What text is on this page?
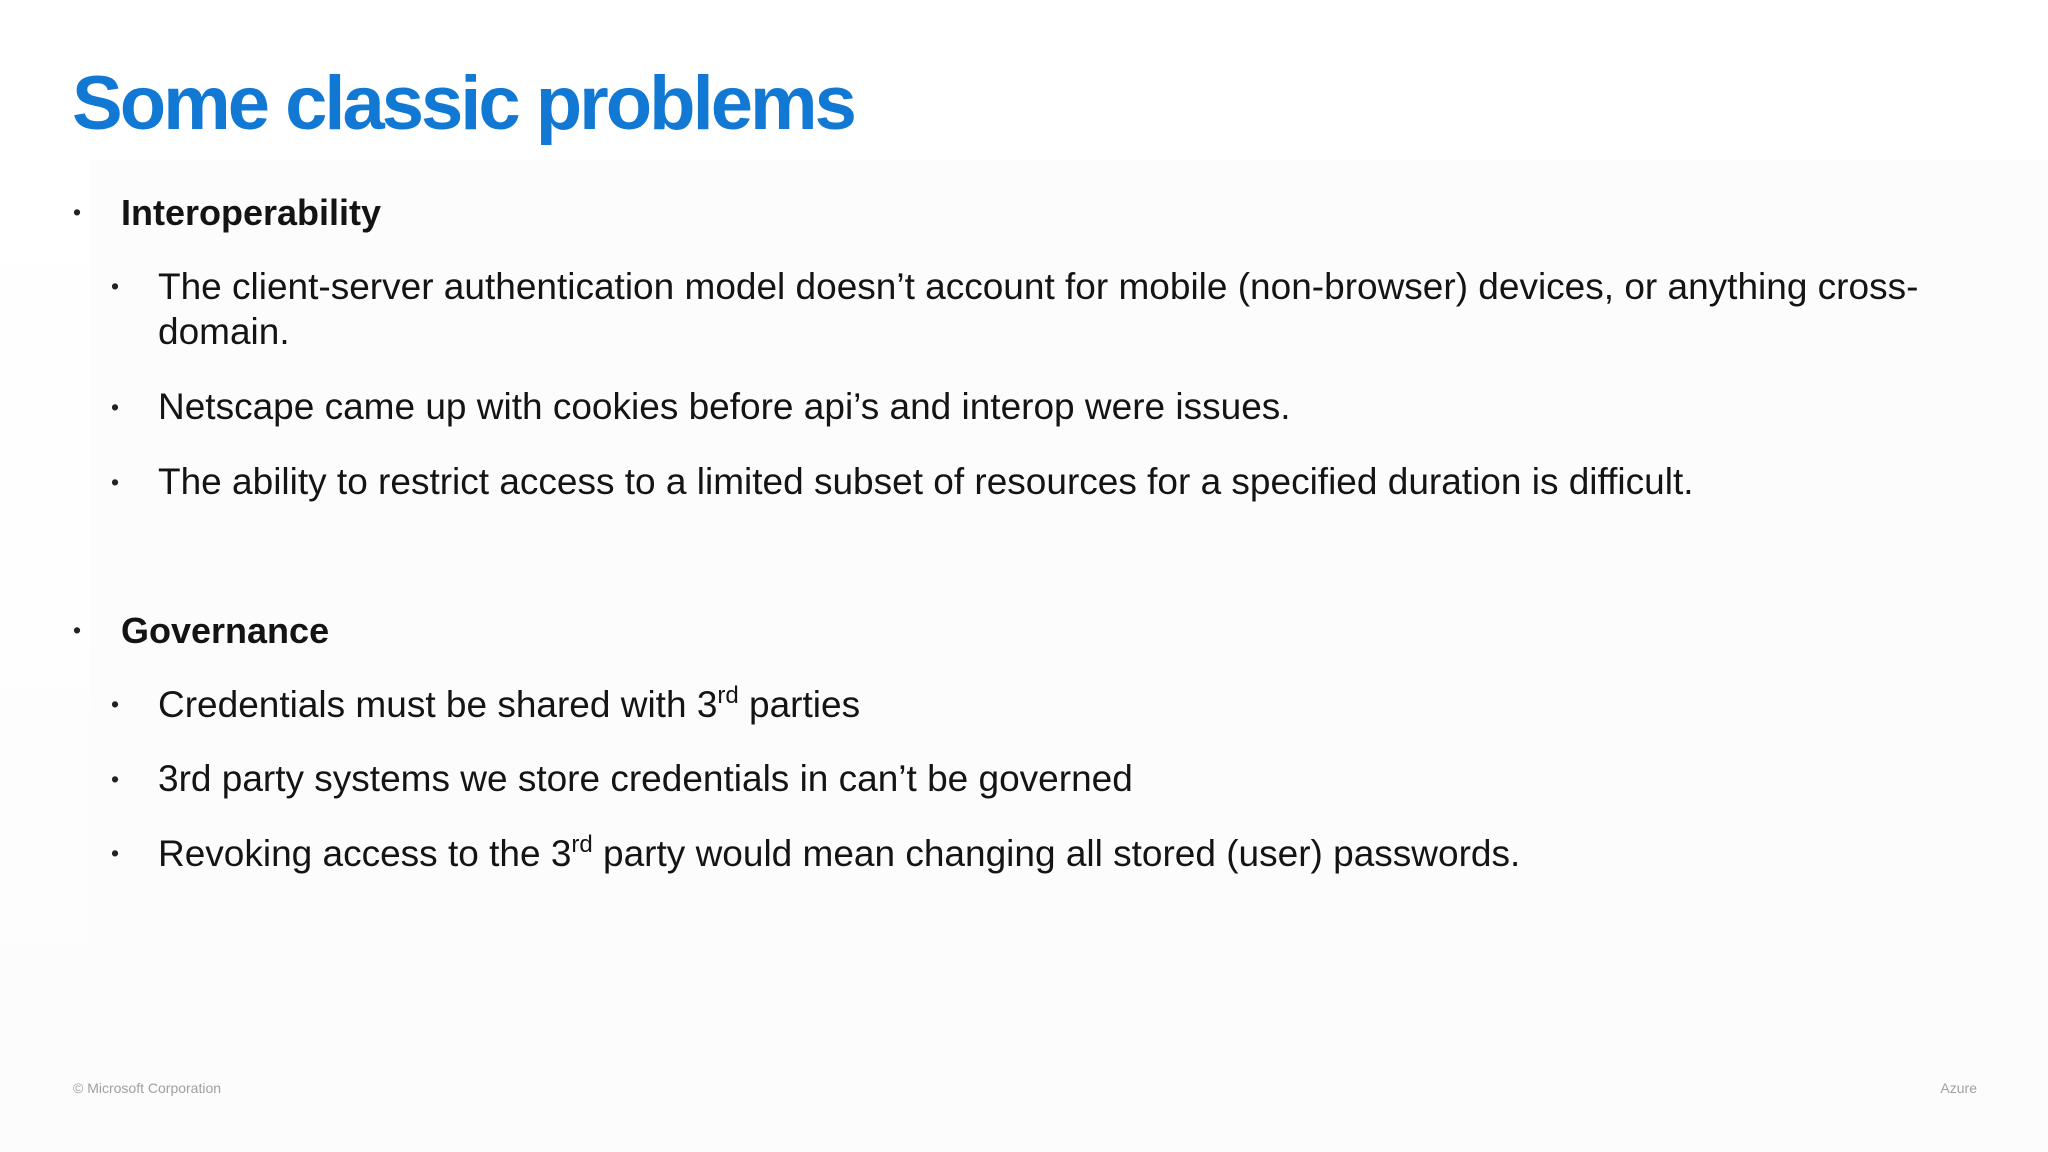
Some classic problems
• Interoperability
• The client-server authentication model doesn’t account for mobile (non-browser) devices, or anything cross-domain.
• Netscape came up with cookies before api’s and interop were issues.
• The ability to restrict access to a limited subset of resources for a specified duration is difficult.
• Governance
• Credentials must be shared with 3rd parties
• 3rd party systems we store credentials in can’t be governed
• Revoking access to the 3rd party would mean changing all stored (user) passwords.
© Microsoft Corporation	Azure
